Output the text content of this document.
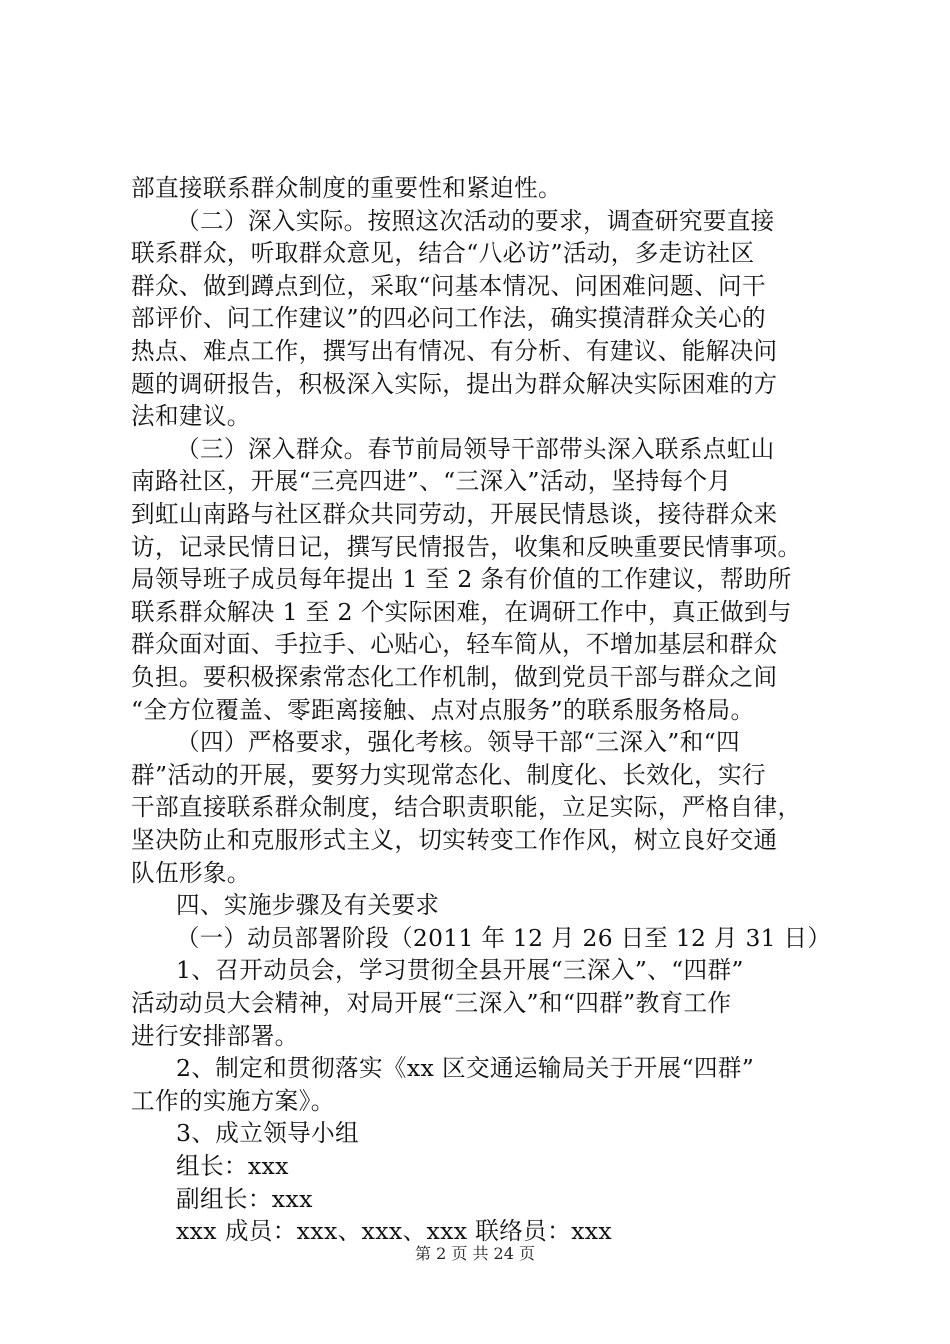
部直接联系群众制度的重要性和紧迫性。
（二）深入实际。按照这次活动的要求，调查研究要直接
联系群众，听取群众意见，结合“八必访”活动，多走访社区
群众、做到蹲点到位，采取“问基本情况、问困难问题、问干
部评价、问工作建议”的四必问工作法，确实摸清群众关心的
热点、难点工作，撰写出有情况、有分析、有建议、能解决问
题的调研报告，积极深入实际，提出为群众解决实际困难的方
法和建议。
（三）深入群众。春节前局领导干部带头深入联系点虹山
南路社区，开展“三亮四进”、“三深入”活动，坚持每个月
到虹山南路与社区群众共同劳动，开展民情恳谈，接待群众来
访，记录民情日记，撰写民情报告，收集和反映重要民情事项。
局领导班子成员每年提出 1 至 2 条有价值的工作建议，帮助所
联系群众解决 1 至 2 个实际困难，在调研工作中，真正做到与
群众面对面、手拉手、心贴心，轻车简从，不增加基层和群众
负担。要积极探索常态化工作机制，做到党员干部与群众之间
“全方位覆盖、零距离接触、点对点服务”的联系服务格局。
（四）严格要求，强化考核。领导干部“三深入”和“四
群”活动的开展，要努力实现常态化、制度化、长效化，实行
干部直接联系群众制度，结合职责职能，立足实际，严格自律，
坚决防止和克服形式主义，切实转变工作作风，树立良好交通
队伍形象。
四、实施步骤及有关要求
（一）动员部署阶段（2011 年 12 月 26 日至 12 月 31 日）
1、召开动员会，学习贯彻全县开展“三深入”、“四群”
活动动员大会精神，对局开展“三深入”和“四群”教育工作
进行安排部署。
2、制定和贯彻落实《xx 区交通运输局关于开展“四群”
工作的实施方案》。
3、成立领导小组
组长：xxx
副组长：xxx
xxx 成员：xxx、xxx、xxx 联络员：xxx
第 2 页 共 24 页
